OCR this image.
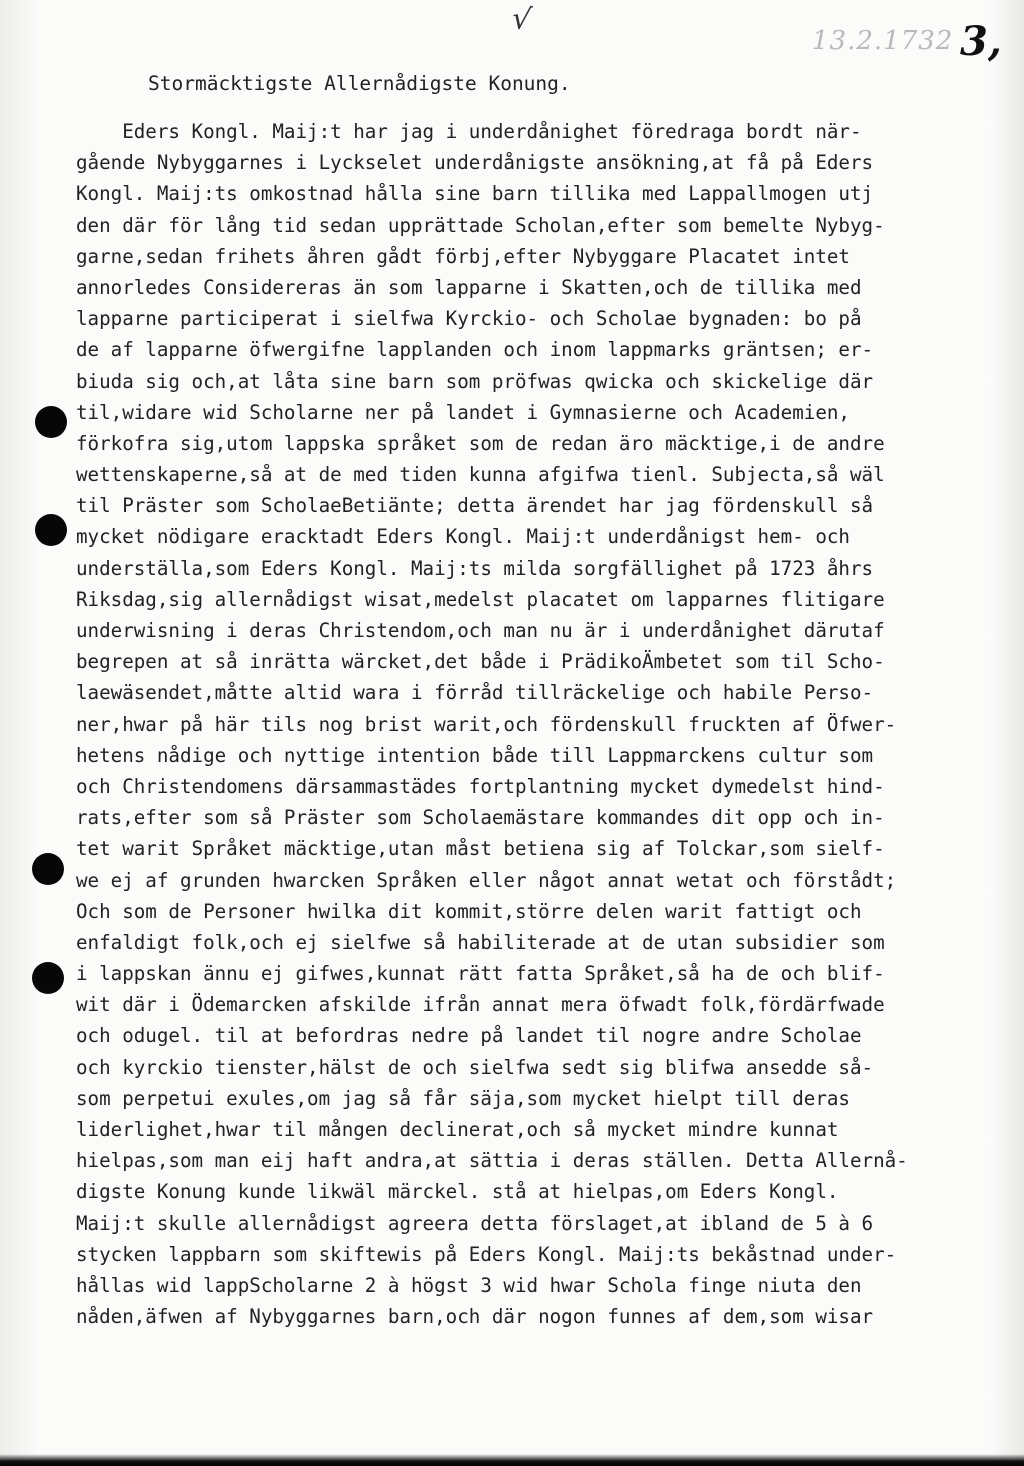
√
13.2.1732 3,
Stormäcktigste Allernådigste Konung.
Eders Kongl. Maij:t har jag i underdånighet föredraga bordt när-
gående Nybyggarnes i Lyckselet underdånigste ansökning,at få på Eders
Kongl. Maij:ts omkostnad hålla sine barn tillika med Lappallmogen utj
den där för lång tid sedan upprättade Scholan,efter som bemelte Nybyg-
garne,sedan frihets åhren gådt förbj,efter Nybyggare Placatet intet
annorledes Considereras än som lapparne i Skatten,och de tillika med
lapparne participerat i sielfwa Kyrckio- och Scholae bygnaden: bo på
de af lapparne öfwergifne lapplanden och inom lappmarks gräntsen; er-
biuda sig och,at låta sine barn som pröfwas qwicka och skickelige där
til,widare wid Scholarne ner på landet i Gymnasierne och Academien,
förkofra sig,utom lappska språket som de redan äro mäcktige,i de andre
wettenskaperne,så at de med tiden kunna afgifwa tienl. Subjecta,så wäl
til Präster som ScholaeBetiänte; detta ärendet har jag fördenskull så
mycket nödigare eracktadt Eders Kongl. Maij:t underdånigst hem- och
underställa,som Eders Kongl. Maij:ts milda sorgfällighet på 1723 åhrs
Riksdag,sig allernådigst wisat,medelst placatet om lapparnes flitigare
underwisning i deras Christendom,och man nu är i underdånighet därutaf
begrepen at så inrätta wärcket,det både i PrädikoÄmbetet som til Scho-
laewäsendet,måtte altid wara i förråd tillräckelige och habile Perso-
ner,hwar på här tils nog brist warit,och fördenskull fruckten af Öfwer-
hetens nådige och nyttige intention både till Lappmarckens cultur som
och Christendomens därsammastädes fortplantning mycket dymedelst hind-
rats,efter som så Präster som Scholaemästare kommandes dit opp och in-
tet warit Språket mäcktige,utan måst betiena sig af Tolckar,som sielf-
we ej af grunden hwarcken Språken eller något annat wetat och förstådt;
Och som de Personer hwilka dit kommit,större delen warit fattigt och
enfaldigt folk,och ej sielfwe så habiliterade at de utan subsidier som
i lappskan ännu ej gifwes,kunnat rätt fatta Språket,så ha de och blif-
wit där i Ödemarcken afskilde ifrån annat mera öfwadt folk,fördärfwade
och odugel. til at befordras nedre på landet til nogre andre Scholae
och kyrckio tienster,hälst de och sielfwa sedt sig blifwa ansedde så-
som perpetui exules,om jag så får säja,som mycket hielpt till deras
liderlighet,hwar til mången declinerat,och så mycket mindre kunnat
hielpas,som man eij haft andra,at sättia i deras ställen. Detta Allernå-
digste Konung kunde likwäl märckel. stå at hielpas,om Eders Kongl.
Maij:t skulle allernådigst agreera detta förslaget,at ibland de 5 à 6
stycken lappbarn som skiftewis på Eders Kongl. Maij:ts bekåstnad under-
hållas wid lappScholarne 2 à högst 3 wid hwar Schola finge niuta den
nåden,äfwen af Nybyggarnes barn,och där nogon funnes af dem,som wisar
